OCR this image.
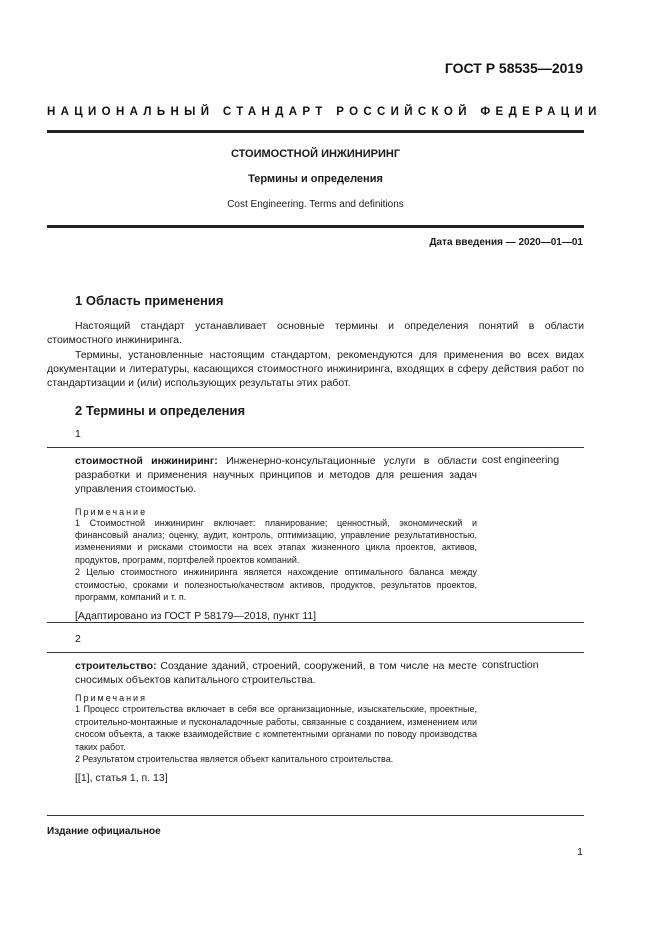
ГОСТ Р 58535—2019
НАЦИОНАЛЬНЫЙ СТАНДАРТ РОССИЙСКОЙ ФЕДЕРАЦИИ
СТОИМОСТНОЙ ИНЖИНИРИНГ
Термины и определения
Cost Engineering. Terms and definitions
Дата введения — 2020—01—01
1 Область применения

Настоящий стандарт устанавливает основные термины и определения понятий в области стоимостного инжиниринга.

Термины, установленные настоящим стандартом, рекомендуются для применения во всех видах документации и литературы, касающихся стоимостного инжиниринга, входящих в сферу действия работ по стандартизации и (или) использующих результаты этих работ.

2 Термины и определения
1

стоимостной инжиниринг: Инженерно-консультационные услуги в области разработки и применения научных принципов и методов для решения задач управления стоимостью.

Примечание

1 Стоимостной инжиниринг включает: планирование; ценностный, экономический и финансовый анализ; оценку, аудит, контроль, оптимизацию, управление результативностью, изменениями и рисками стоимости на всех этапах жизненного цикла проектов, активов, продуктов, программ, портфелей проектов компаний.

2 Целью стоимостного инжиниринга является нахождение оптимального баланса между стоимостью, сроками и полезностью/качеством активов, продуктов, результатов проектов, программ, компаний и т. п.

[Адаптировано из ГОСТ Р 58179—2018, пункт 11]

cost engineering
2

строительство: Создание зданий, строений, сооружений, в том числе на месте сносимых объектов капитального строительства.

Примечания

1 Процесс строительства включает в себя все организационные, изыскательские, проектные, строительно-монтажные и пусконаладочные работы, связанные с созданием, изменением или сносом объекта, а также взаимодействие с компетентными органами по поводу производства таких работ.

2 Результатом строительства является объект капитального строительства.

[[1], статья 1, п. 13]

construction
Издание официальное
1
